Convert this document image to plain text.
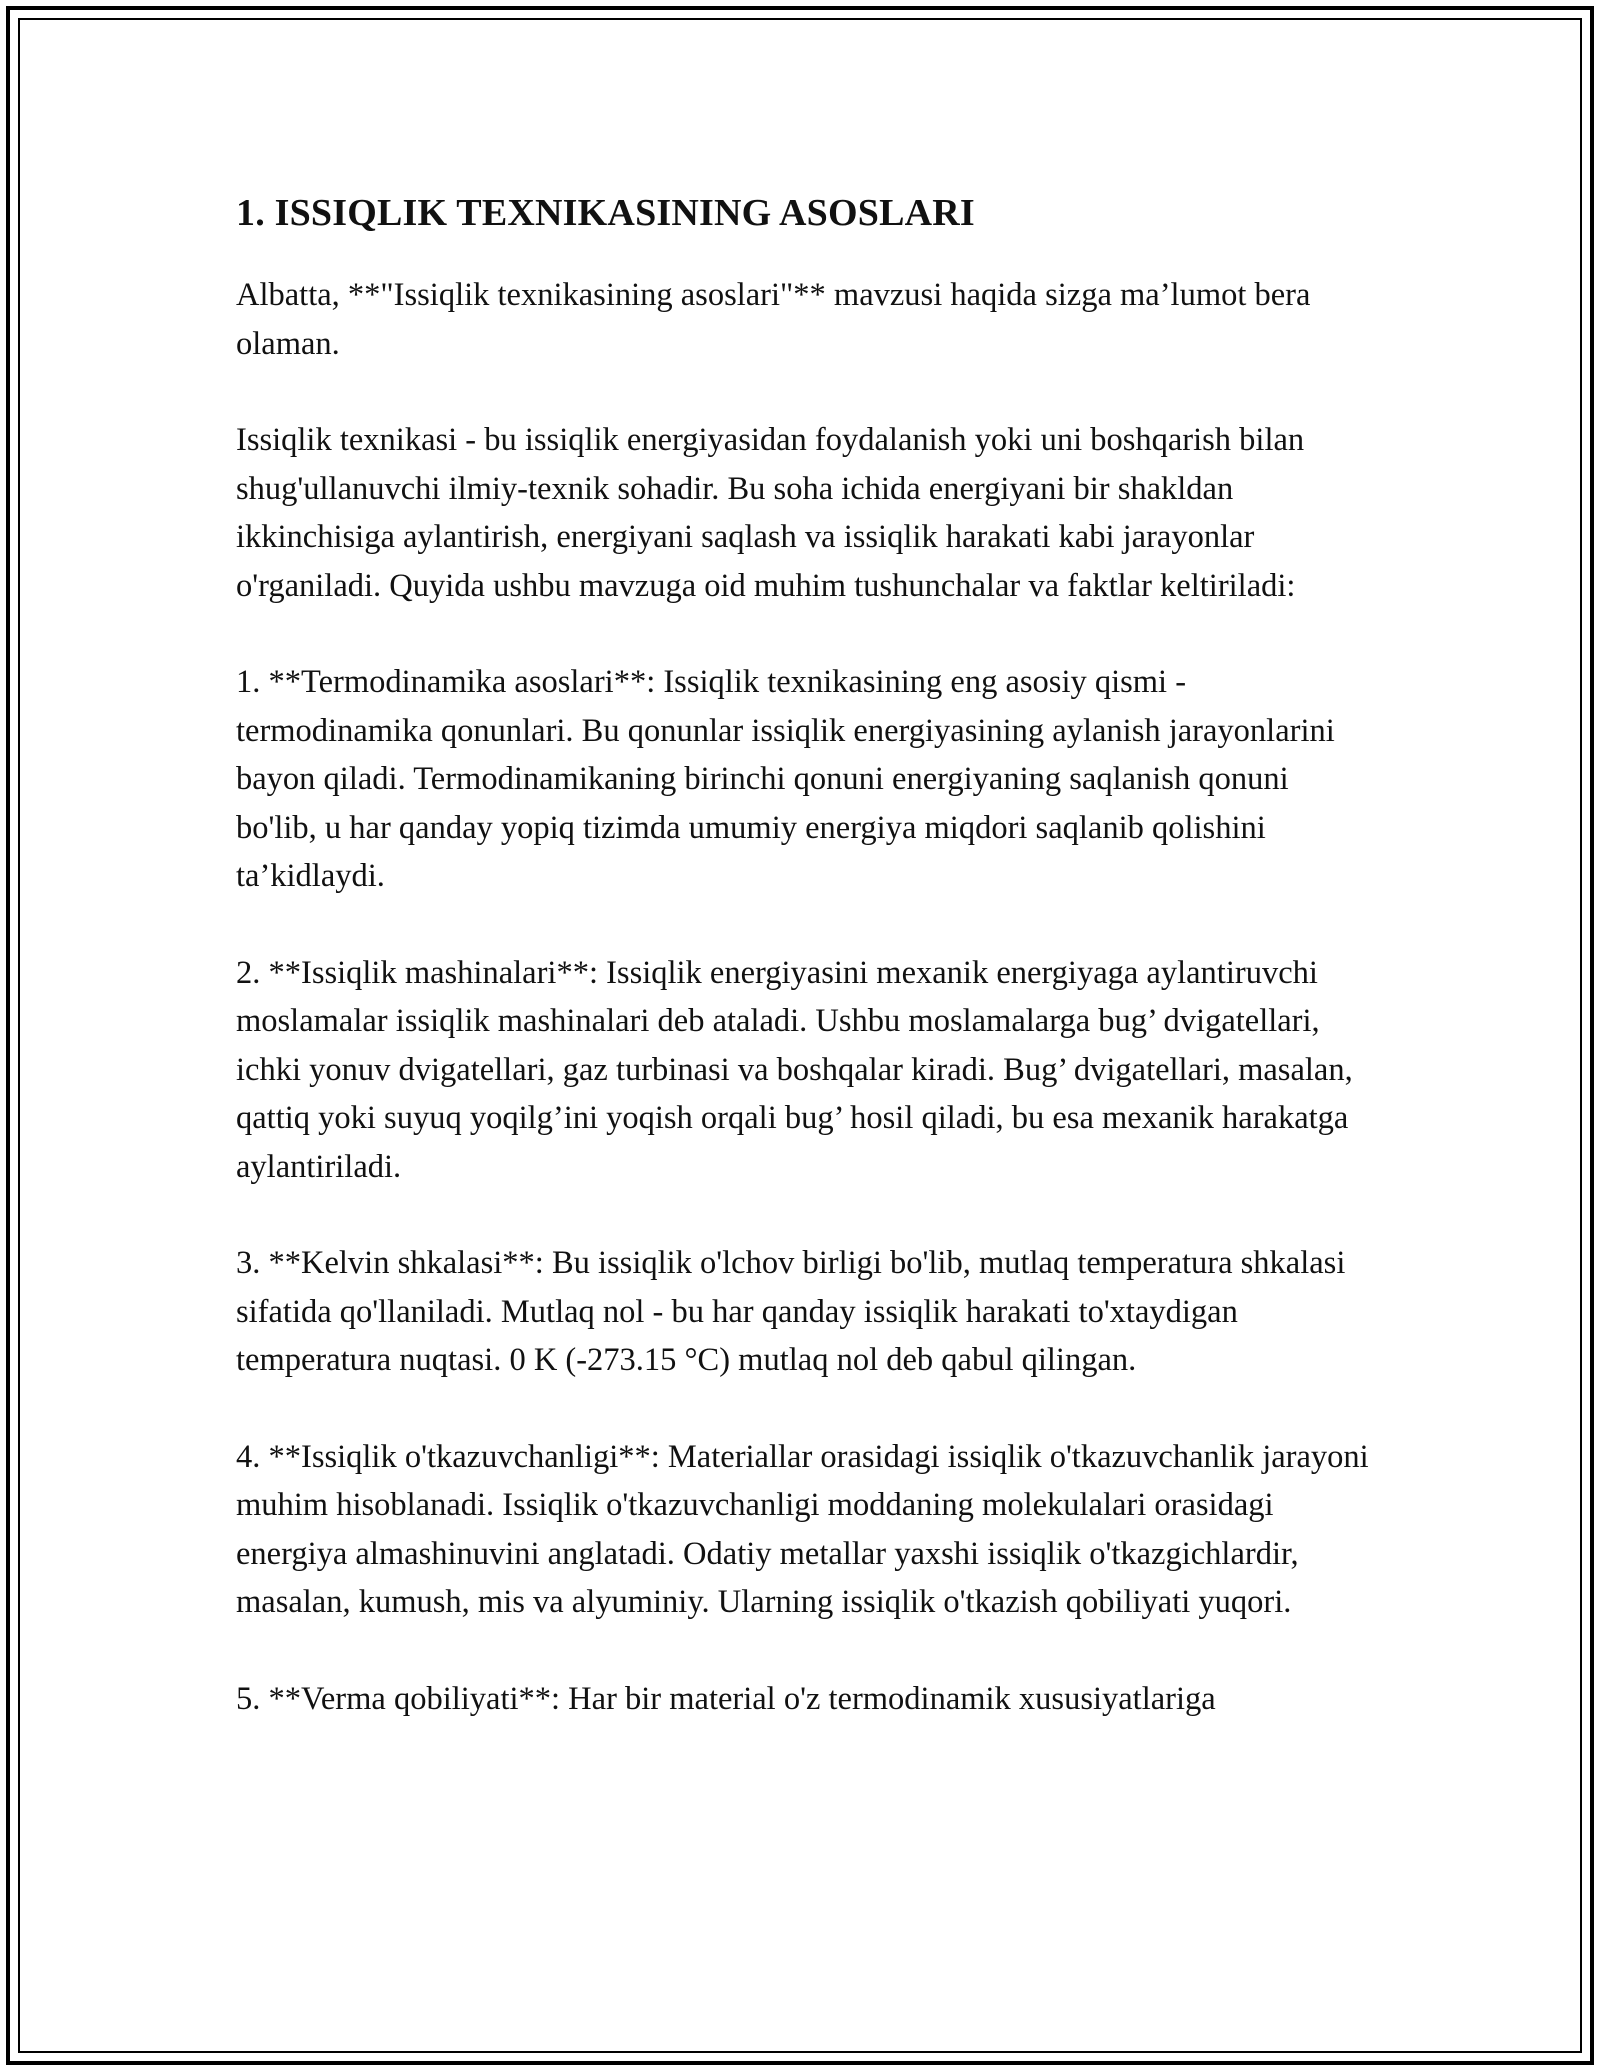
1. ISSIQLIK TEXNIKASINING ASOSLARI

Albatta, **"Issiqlik texnikasining asoslari"** mavzusi haqida sizga ma’lumot bera olaman.

Issiqlik texnikasi - bu issiqlik energiyasidan foydalanish yoki uni boshqarish bilan shug'ullanuvchi ilmiy-texnik sohadir. Bu soha ichida energiyani bir shakldan ikkinchisiga aylantirish, energiyani saqlash va issiqlik harakati kabi jarayonlar o'rganiladi. Quyida ushbu mavzuga oid muhim tushunchalar va faktlar keltiriladi:

1. **Termodinamika asoslari**: Issiqlik texnikasining eng asosiy qismi - termodinamika qonunlari. Bu qonunlar issiqlik energiyasining aylanish jarayonlarini bayon qiladi. Termodinamikaning birinchi qonuni energiyaning saqlanish qonuni bo'lib, u har qanday yopiq tizimda umumiy energiya miqdori saqlanib qolishini ta’kidlaydi.

2. **Issiqlik mashinalari**: Issiqlik energiyasini mexanik energiyaga aylantiruvchi moslamalar issiqlik mashinalari deb ataladi. Ushbu moslamalarga bug’ dvigatellari, ichki yonuv dvigatellari, gaz turbinasi va boshqalar kiradi. Bug’ dvigatellari, masalan, qattiq yoki suyuq yoqilg’ini yoqish orqali bug’ hosil qiladi, bu esa mexanik harakatga aylantiriladi.

3. **Kelvin shkalasi**: Bu issiqlik o'lchov birligi bo'lib, mutlaq temperatura shkalasi sifatida qo'llaniladi. Mutlaq nol - bu har qanday issiqlik harakati to'xtaydigan temperatura nuqtasi. 0 K (-273.15 °C) mutlaq nol deb qabul qilingan.

4. **Issiqlik o'tkazuvchanligi**: Materiallar orasidagi issiqlik o'tkazuvchanlik jarayoni muhim hisoblanadi. Issiqlik o'tkazuvchanligi moddaning molekulalari orasidagi energiya almashinuvini anglatadi. Odatiy metallar yaxshi issiqlik o'tkazgichlardir, masalan, kumush, mis va alyuminiy. Ularning issiqlik o'tkazish qobiliyati yuqori.

5. **Verma qobiliyati**: Har bir material o'z termodinamik xususiyatlariga
